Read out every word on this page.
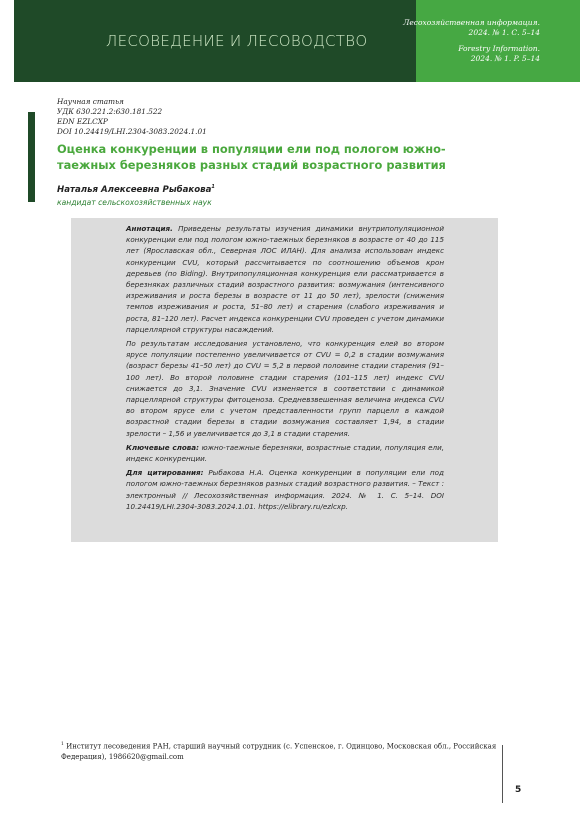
ЛЕСОВЕДЕНИЕ И ЛЕСОВОДСТВО
Лесохозяйственная информация.
2024. № 1. С. 5–14
Forestry Information.
2024. № 1. P. 5–14
Научная статья
УДК 630.221.2:630.181.522
EDN EZLCXP
DOI 10.24419/LHI.2304-3083.2024.1.01
Оценка конкуренции в популяции ели под пологом южно-таежных березняков разных стадий возрастного развития
Наталья Алексеевна Рыбакова$^1$
кандидат сельскохозяйственных наук

Аннотация. Приведены результаты изучения динамики внутрипопуляционной конкуренции ели под пологом южно-таежных березняков в возрасте от 40 до 115 лет (Ярославская обл., Северная ЛОС ИЛАН). Для анализа использован индекс конкуренции CVU, который рассчитывается по соотношению объемов крон деревьев (по Biding). Внутрипопуляционная конкуренция ели рассматривается в березняках различных стадий возрастного развития: возмужания (интенсивного изреживания и роста березы в возрасте от 11 до 50 лет), зрелости (снижения темпов изреживания и роста, 51–80 лет) и старения (слабого изреживания и роста, 81–120 лет). Расчет индекса конкуренции CVU проведен с учетом динамики парцеллярной структуры насаждений.

По результатам исследования установлено, что конкуренция елей во втором ярусе популяции постепенно увеличивается от CVU = 0,2 в стадии возмужания (возраст березы 41–50 лет) до CVU = 5,2 в первой половине стадии старения (91–100 лет). Во второй половине стадии старения (101–115 лет) индекс CVU снижается до 3,1. Значение CVU изменяется в соответствии с динамикой парцеллярной структуры фитоценоза. Средневзвешенная величина индекса CVU во втором ярусе ели с учетом представленности групп парцелл в каждой возрастной стадии березы в стадии возмужания составляет 1,94, в стадии зрелости – 1,56 и увеличивается до 3,1 в стадии старения.

Ключевые слова: южно-таежные березняки, возрастные стадии, популяция ели, индекс конкуренции.

Для цитирования: Рыбакова Н.А. Оценка конкуренции в популяции ели под пологом южно-таежных березняков разных стадий возрастного развития. – Текст : электронный // Лесохозяйственная информация. 2024. № 1. С. 5–14. DOI 10.24419/LHI.2304-3083.2024.1.01. https://elibrary.ru/ezlcxp.

$^1$ Институт лесоведения РАН, старший научный сотрудник (с. Успенское, г. Одинцово, Московская обл., Российская Федерация), 1986620@gmail.com
5
